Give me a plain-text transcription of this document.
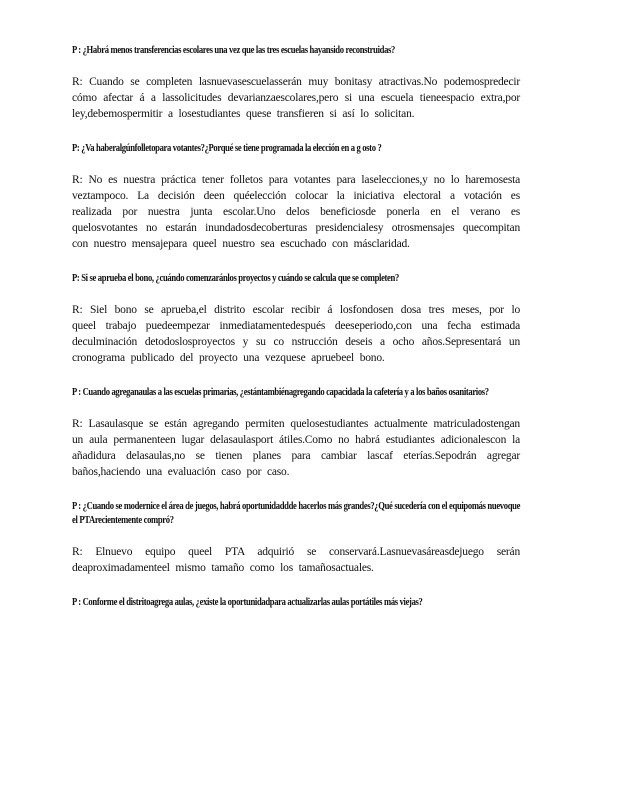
P : ¿Habrá menos transferencias escolares una vez que las tres escuelas hayansido reconstruidas?

R: Cuando se completen lasnuevasescuelasserán muy bonitasy atractivas.No podemospredecir cómo afectar á a lassolicitudes devarianzaescolares,pero si una escuela tieneespacio extra,por ley,debemospermitir a losestudiantes quese transfieren si así lo solicitan.

P: ¿Va haberalgúnfolletopara votantes?¿Porqué se tiene programada la elección en a g osto ?

R: No es nuestra práctica tener folletos para votantes para laselecciones,y no lo haremosesta veztampoco. La decisión deen quéelección colocar la iniciativa electoral a votación es realizada por nuestra junta escolar.Uno delos beneficiosde ponerla en el verano es quelosvotantes no estarán inundadosdecoberturas presidencialesy otrosmensajes quecompitan con nuestro mensajepara queel nuestro sea escuchado con másclaridad.

P: Si se aprueba el bono, ¿cuándo comenzaránlos proyectos y cuándo se calcula que se completen?

R: Siel bono se aprueba,el distrito escolar recibir á losfondosen dosa tres meses, por lo queel trabajo puedeempezar inmediatamentedespués deeseperiodo,con una fecha estimada deculminación detodoslosproyectos y su co nstrucción deseis a ocho años.Sepresentará un cronograma publicado del proyecto una vezquese apruebeel bono.

P : Cuando agreganaulas a las escuelas primarias, ¿estántambiénagregando capacidada la cafetería y a los baños osanitarios?

R: Lasaulasque se están agregando permiten quelosestudiantes actualmente matriculadostengan un aula permanenteen lugar delasaulasport átiles.Como no habrá estudiantes adicionalescon la añadidura delasaulas,no se tienen planes para cambiar lascaf eterías.Sepodrán agregar baños,haciendo una evaluación caso por caso.

P : ¿Cuando se modernice el área de juegos, habrá oportunidaddde hacerlos más grandes?¿Qué sucedería con el equipomás nuevoque el PTArecientemente compró?

R: Elnuevo equipo queel PTA adquirió se conservará.Lasnuevasáreasdejuego serán deaproximadamenteel mismo tamaño como los tamañosactuales.

P : Conforme el distritoagrega aulas, ¿existe la oportunidadpara actualizarlas aulas portátiles más viejas?
